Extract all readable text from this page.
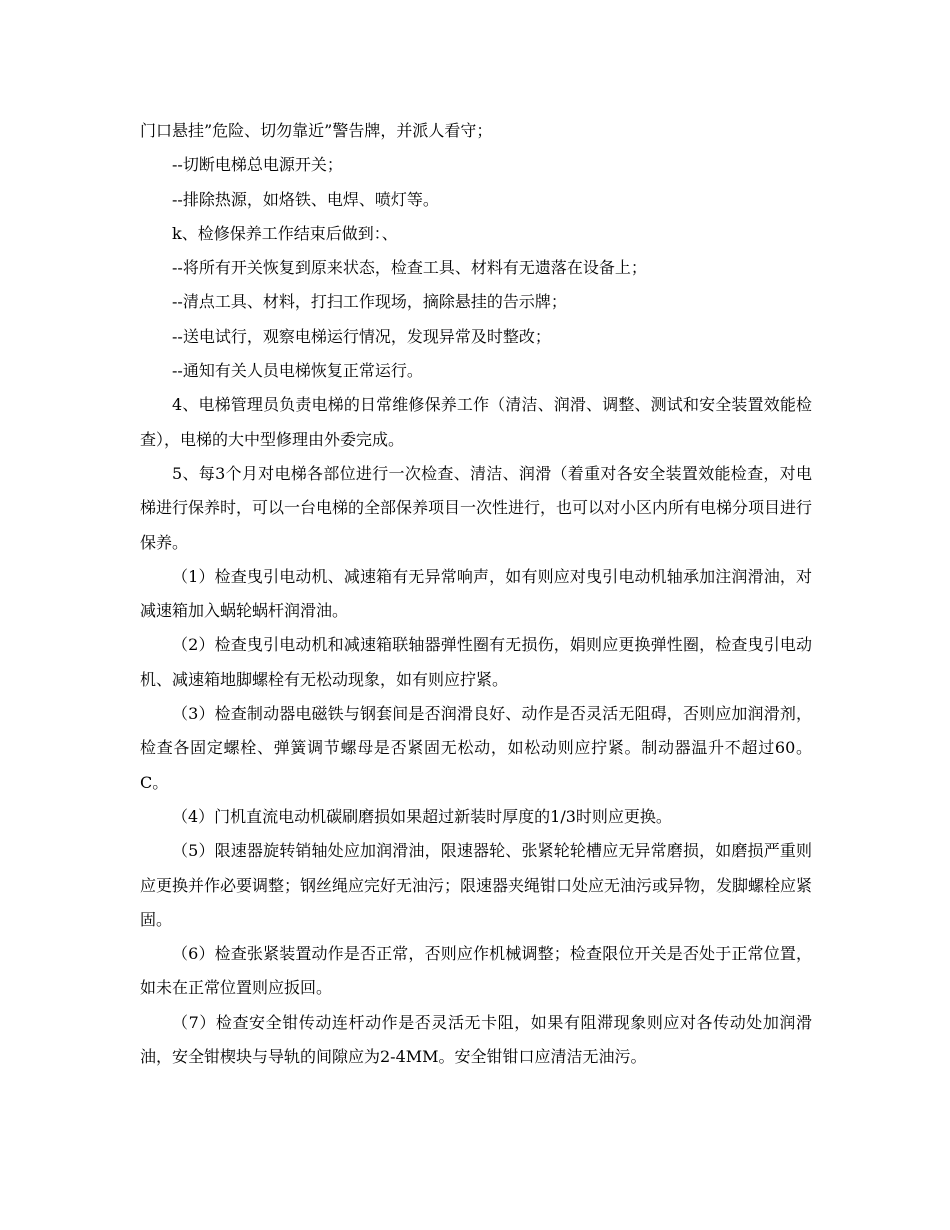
门口悬挂”危险、切勿靠近”警告牌，并派人看守；

--切断电梯总电源开关；

--排除热源，如烙铁、电焊、喷灯等。

k、检修保养工作结束后做到：、

--将所有开关恢复到原来状态，检查工具、材料有无遗落在设备上；

--清点工具、材料，打扫工作现场，摘除悬挂的告示牌；

--送电试行，观察电梯运行情况，发现异常及时整改；

--通知有关人员电梯恢复正常运行。

4、电梯管理员负责电梯的日常维修保养工作（清洁、润滑、调整、测试和安全装置效能检查），电梯的大中型修理由外委完成。

5、每3个月对电梯各部位进行一次检查、清洁、润滑（着重对各安全装置效能检查，对电梯进行保养时，可以一台电梯的全部保养项目一次性进行，也可以对小区内所有电梯分项目进行保养。

（1）检查曳引电动机、减速箱有无异常响声，如有则应对曳引电动机轴承加注润滑油，对减速箱加入蜗轮蜗杆润滑油。

（2）检查曳引电动机和减速箱联轴器弹性圈有无损伤，娟则应更换弹性圈，检查曳引电动机、减速箱地脚螺栓有无松动现象，如有则应拧紧。

（3）检查制动器电磁铁与钢套间是否润滑良好、动作是否灵活无阻碍，否则应加润滑剂，检查各固定螺栓、弹簧调节螺母是否紧固无松动，如松动则应拧紧。制动器温升不超过60。C。

（4）门机直流电动机碳刷磨损如果超过新装时厚度的1/3时则应更换。

（5）限速器旋转销轴处应加润滑油，限速器轮、张紧轮轮槽应无异常磨损，如磨损严重则应更换并作必要调整；钢丝绳应完好无油污；限速器夹绳钳口处应无油污或异物，发脚螺栓应紧固。

（6）检查张紧装置动作是否正常，否则应作机械调整；检查限位开关是否处于正常位置，如未在正常位置则应扳回。

（7）检查安全钳传动连杆动作是否灵活无卡阻，如果有阻滞现象则应对各传动处加润滑油，安全钳楔块与导轨的间隙应为2-4MM。安全钳钳口应清洁无油污。
